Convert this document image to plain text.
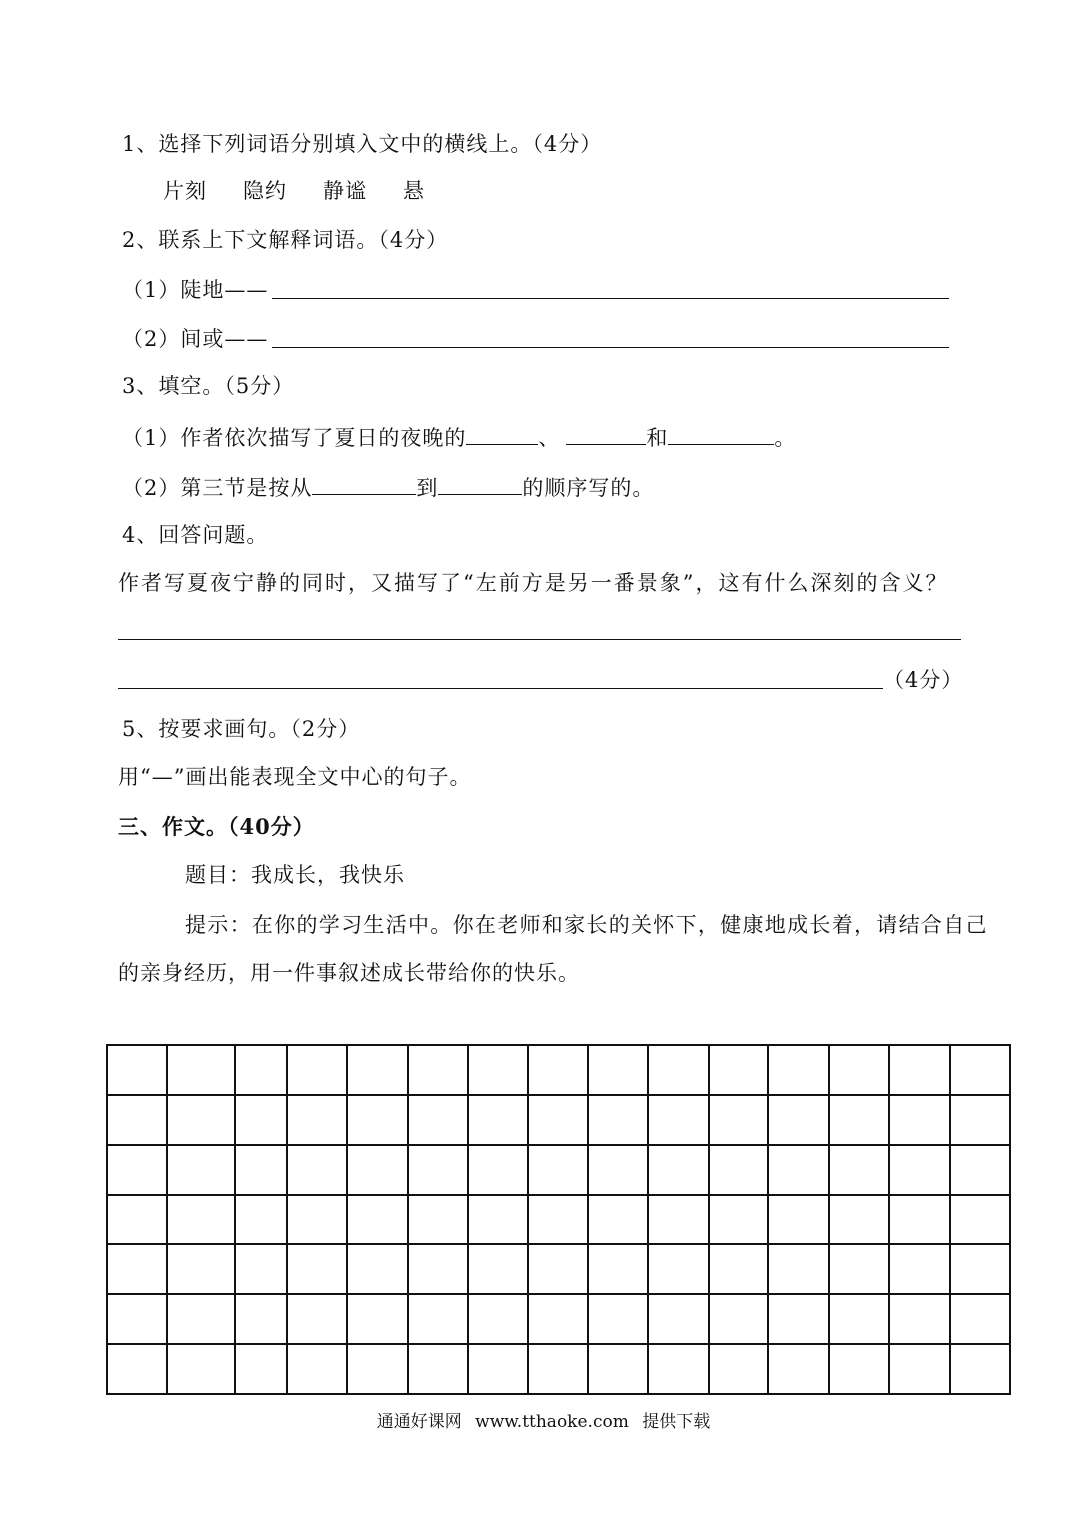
1、选择下列词语分别填入文中的横线上。（4分）
片刻 隐约 静谧 悬
2、联系上下文解释词语。（4分）
（1）陡地——
（2）间或——
3、填空。（5分）
（1）作者依次描写了夏日的夜晚的	、	和	。
（2）第三节是按从	到	的顺序写的。
4、回答问题。
作者写夏夜宁静的同时，又描写了“左前方是另一番景象”，这有什么深刻的含义？
（4分）
5、按要求画句。（2分）
用“—”画出能表现全文中心的句子。
三、作文。（40分）
题目：我成长，我快乐
提示：在你的学习生活中。你在老师和家长的关怀下，健康地成长着，请结合自己
的亲身经历，用一件事叙述成长带给你的快乐。

通通好课网 www.tthaoke.com 提供下载
